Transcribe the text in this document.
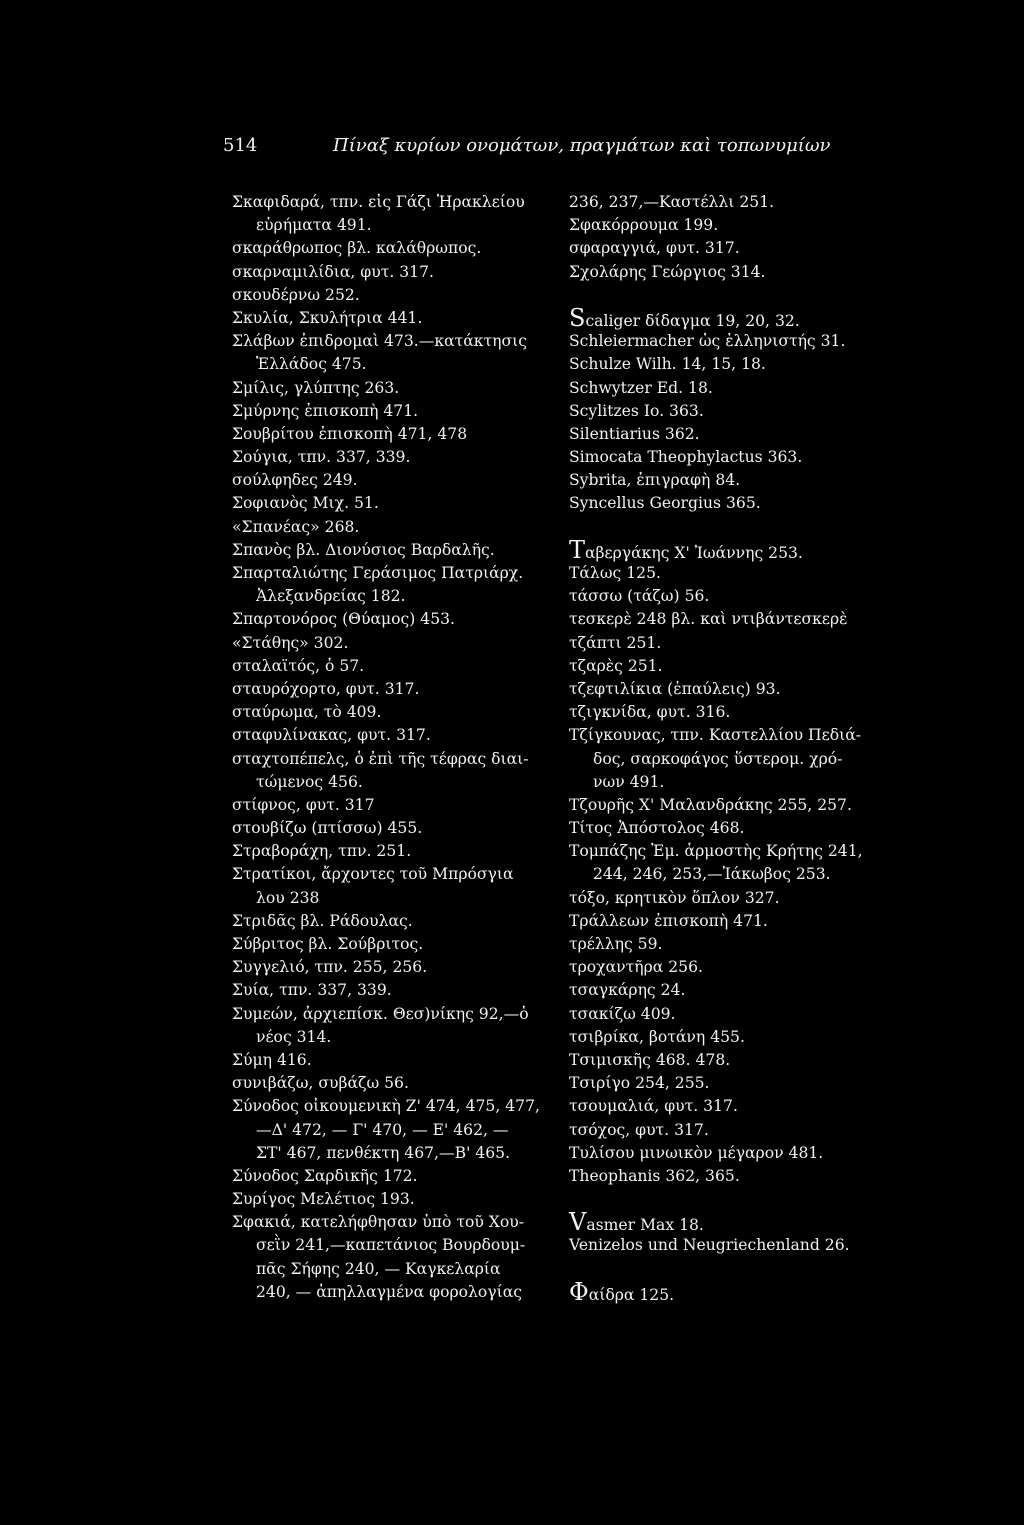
514	Πίναξ κυρίων ονομάτων, πραγμάτων καὶ τοπωνυμίων
Σκαφιδαρά, τπν. εἰς Γάζι Ἡρακλείου
εὑρήματα 491.
σκαράθρωπος βλ. καλάθρωπος.
σκαρναμιλίδια, φυτ. 317.
σκουδέρνω 252.
Σκυλία, Σκυλήτρια 441.
Σλάβων ἐπιδρομαὶ 473.—κατάκτησις
Ἑλλάδος 475.
Σμίλις, γλύπτης 263.
Σμύρνης ἐπισκοπὴ 471.
Σουβρίτου ἐπισκοπὴ 471, 478
Σούγια, τπν. 337, 339.
σούλφηδες 249.
Σοφιανὸς Μιχ. 51.
«Σπανέας» 268.
Σπανὸς βλ. Διονύσιος Βαρδαλῆς.
Σπαρταλιώτης Γεράσιμος Πατριάρχ.
Ἀλεξανδρείας 182.
Σπαρτονόρος (Θύαμος) 453.
«Στάθης» 302.
σταλαϊτός, ὁ 57.
σταυρόχορτο, φυτ. 317.
σταύρωμα, τὸ 409.
σταφυλίνακας, φυτ. 317.
σταχτοπέπελς, ὁ ἐπὶ τῆς τέφρας διαι-
τώμενος 456.
στίφνος, φυτ. 317
στουβίζω (πτίσσω) 455.
Στραβοράχη, τπν. 251.
Στρατίκοι, ἄρχοντες τοῦ Μπρόσγια
λου 238
Στριδᾶς βλ. Ράδουλας.
Σύβριτος βλ. Σούβριτος.
Συγγελιό, τπν. 255, 256.
Συία, τπν. 337, 339.
Συμεών, ἀρχιεπίσκ. Θεσ)νίκης 92,—ὁ
νέος 314.
Σύμη 416.
συνιβάζω, συβάζω 56.
Σύνοδος οἰκουμενικὴ Ζ' 474, 475, 477,
—Δ' 472, — Γ' 470, — Ε' 462, —
ΣΤ' 467, πενθέκτη 467,—Β' 465.
Σύνοδος Σαρδικῆς 172.
Συρίγος Μελέτιος 193.
Σφακιά, κατελήφθησαν ὑπὸ τοῦ Χου-
σεῒν 241,—καπετάνιος Βουρδουμ-
πᾶς Σήφης 240, — Καγκελαρία
240, — ἀπηλλαγμένα φορολογίας
236, 237,—Καστέλλι 251.
Σφακόρρουμα 199.
σφαραγγιά, φυτ. 317.
Σχολάρης Γεώργιος 314.
Scaliger δίδαγμα 19, 20, 32.
Schleiermacher ὡς ἑλληνιστής 31.
Schulze Wilh. 14, 15, 18.
Schwytzer Ed. 18.
Scylitzes Io. 363.
Silentiarius 362.
Simocata Theophylactus 363.
Sybrita, ἐπιγραφὴ 84.
Syncellus Georgius 365.
Ταβεργάκης Χ' Ἰωάννης 253.
Τάλως 125.
τάσσω (τάζω) 56.
τεσκερὲ 248 βλ. καὶ ντιβάντεσκερὲ
τζάπτι 251.
τζαρὲς 251.
τζεφτιλίκια (ἐπαύλεις) 93.
τζιγκνίδα, φυτ. 316.
Τζίγκουνας, τπν. Καστελλίου Πεδιά-
δος, σαρκοφάγος ὕστερομ. χρό-
νων 491.
Τζουρῆς Χ' Μαλανδράκης 255, 257.
Τίτος Ἀπόστολος 468.
Τομπάζης Ἐμ. ἁρμοστὴς Κρήτης 241,
244, 246, 253,—Ἰάκωβος 253.
τόξο, κρητικὸν ὅπλον 327.
Τράλλεων ἐπισκοπὴ 471.
τρέλλης 59.
τροχαντῆρα 256.
τσαγκάρης 24.
τσακίζω 409.
τσιβρίκα, βοτάνη 455.
Τσιμισκῆς 468. 478.
Τσιρίγο 254, 255.
τσουμαλιά, φυτ. 317.
τσόχος, φυτ. 317.
Τυλίσου μινωικὸν μέγαρον 481.
Theophanis 362, 365.
Vasmer Max 18.
Venizelos und Neugriechenland 26.
Φαίδρα 125.
